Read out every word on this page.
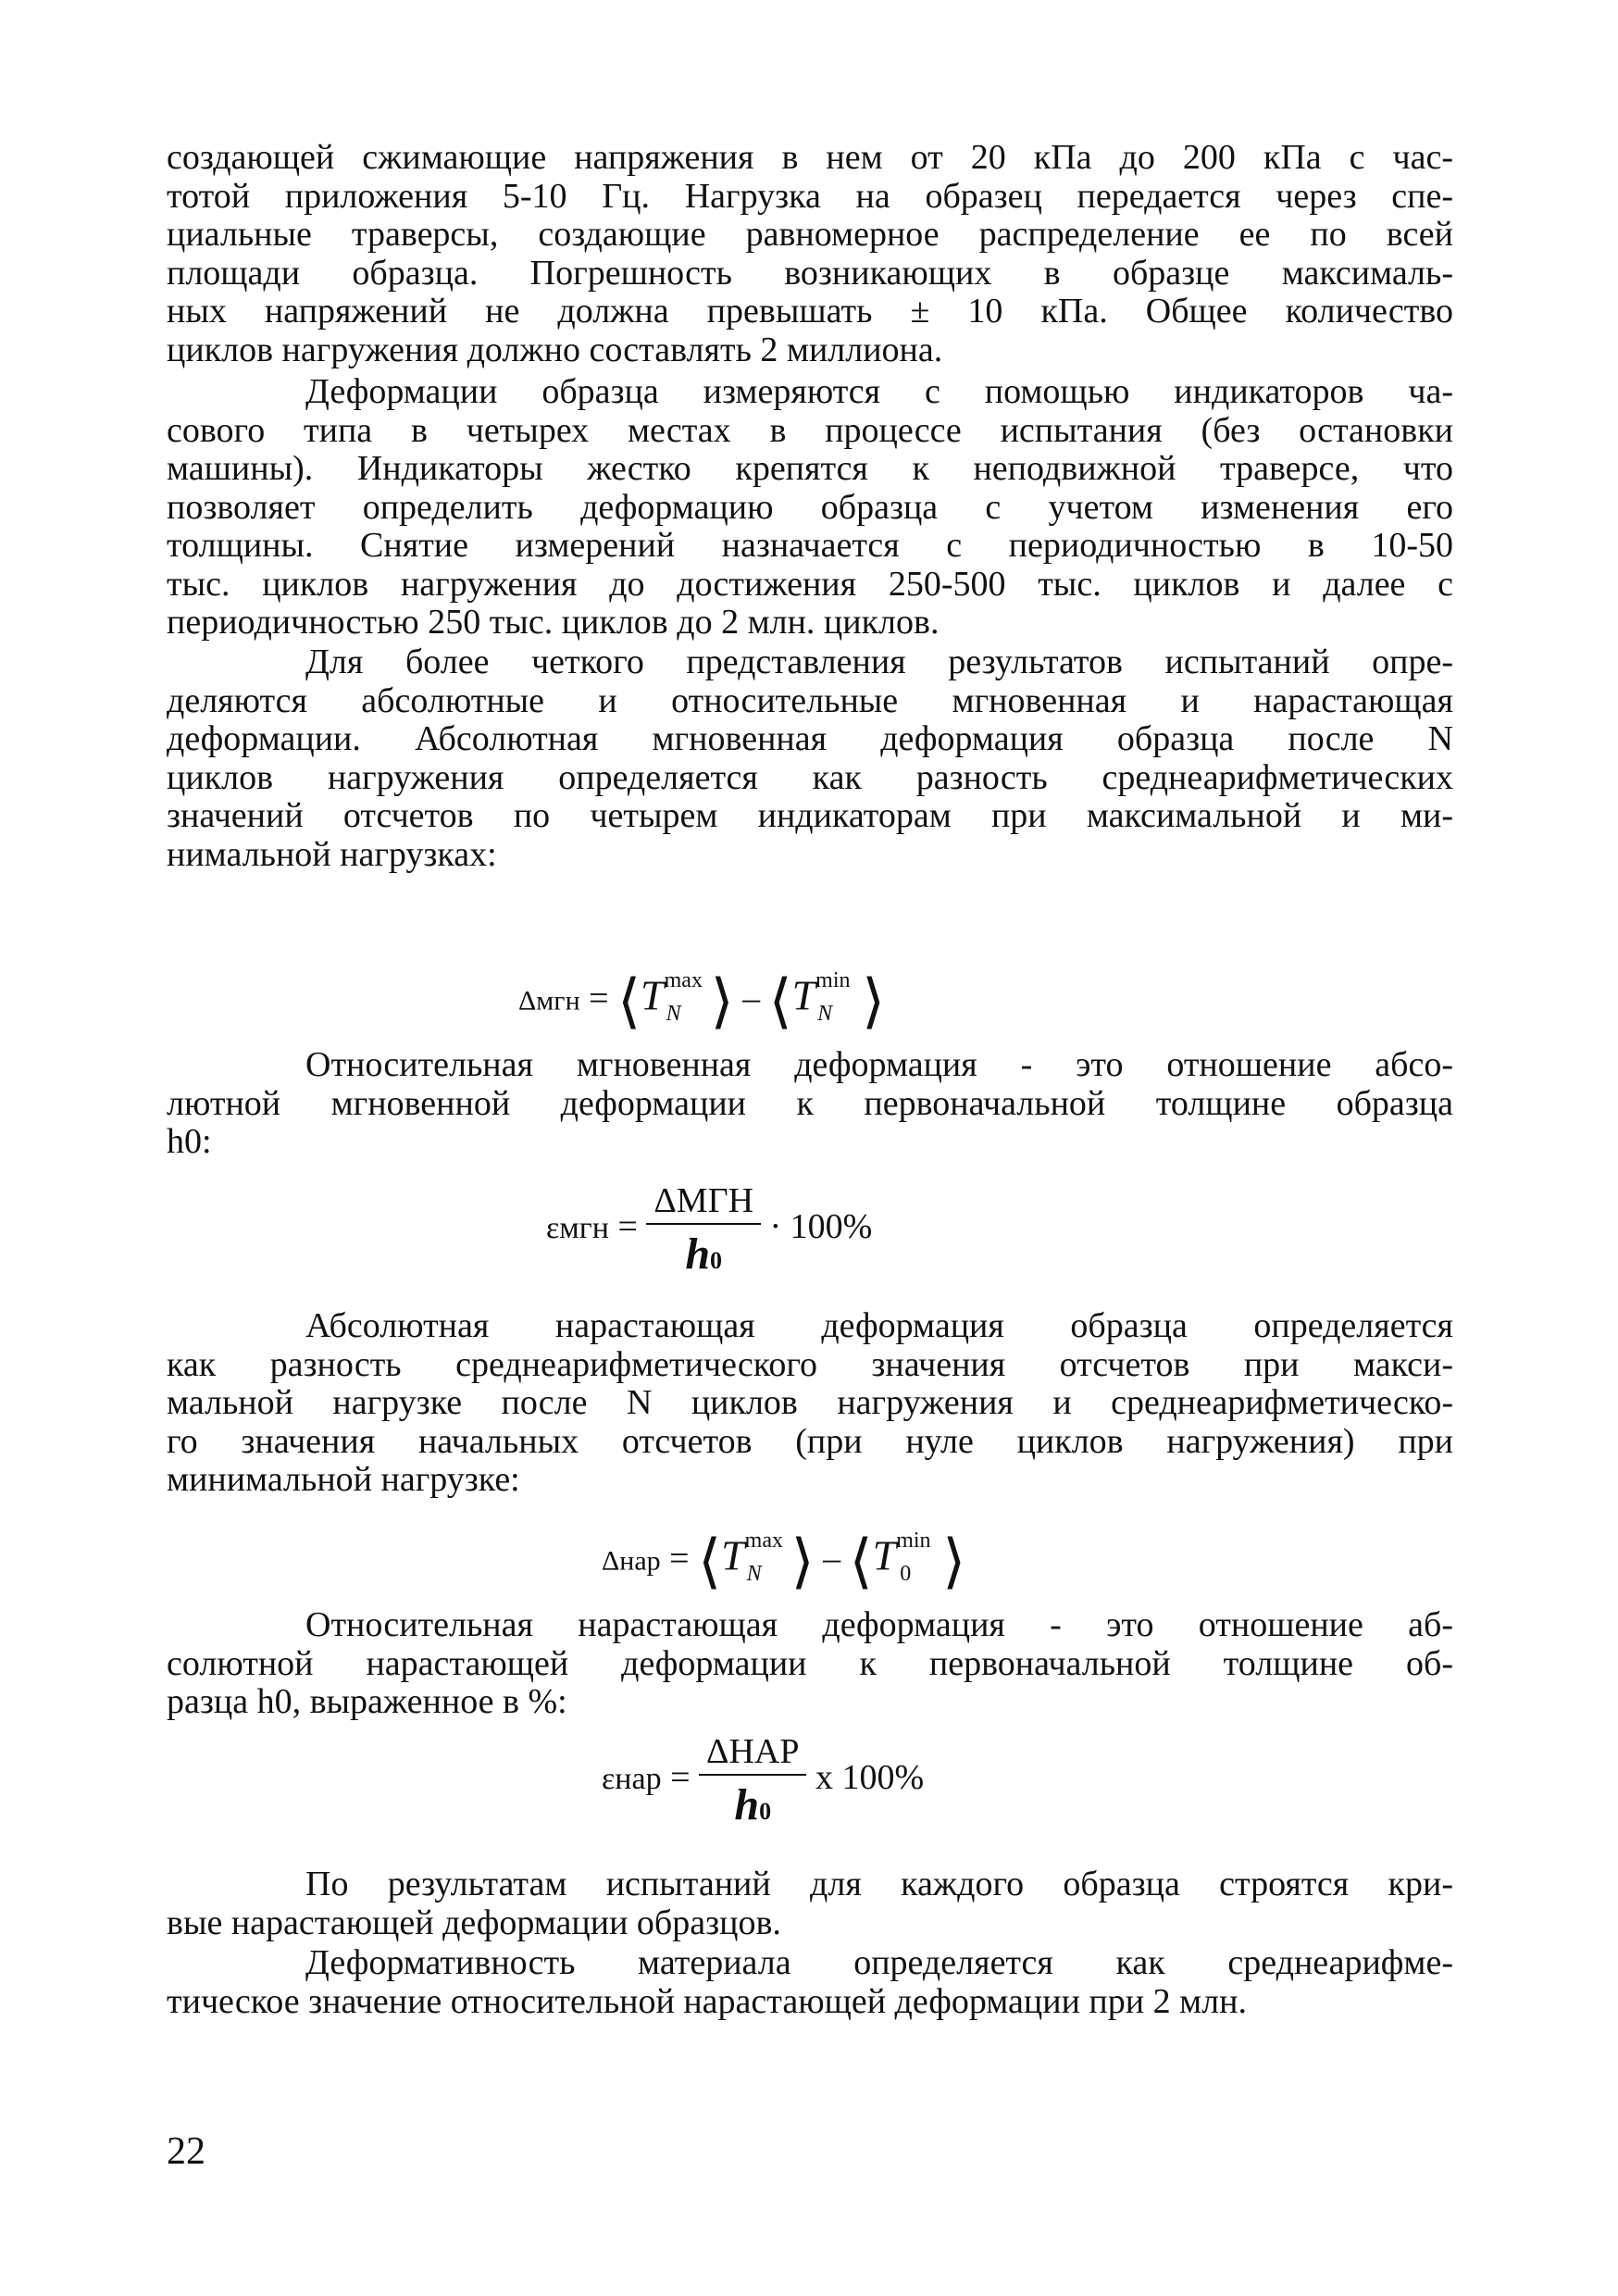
создающей сжимающие напряжения в нем от 20 кПа до 200 кПа с час-
тотой приложения 5-10 Гц. Нагрузка на образец передается через спе-
циальные траверсы, создающие равномерное распределение ее по всей
площади образца. Погрешность возникающих в образце максималь-
ных напряжений не должна превышать ± 10 кПа. Общее количество
циклов нагружения должно составлять 2 миллиона.
Деформации образца измеряются с помощью индикаторов ча-
сового типа в четырех местах в процессе испытания (без остановки
машины). Индикаторы жестко крепятся к неподвижной траверсе, что
позволяет определить деформацию образца с учетом изменения его
толщины. Снятие измерений назначается с периодичностью в 10-50
тыс. циклов нагружения до достижения 250-500 тыс. циклов и далее с
периодичностью 250 тыс. циклов до 2 млн. циклов.
Для более четкого представления результатов испытаний опре-
деляются абсолютные и относительные мгновенная и нарастающая
деформации. Абсолютная мгновенная деформация образца после N
циклов нагружения определяется как разность среднеарифметических
значений отсчетов по четырем индикаторам при максимальной и ми-
нимальной нагрузках:
Δмгн = ⟨T max
N ⟩ – ⟨T min
N ⟩
Относительная мгновенная деформация - это отношение абсо-
лютной мгновенной деформации к первоначальной толщине образца
h0:
$\varepsilon мгн = \frac{\text{ΔМГН}}{h0} \cdot 100\%$
Абсолютная нарастающая деформация образца определяется
как разность среднеарифметического значения отсчетов при макси-
мальной нагрузке после N циклов нагружения и среднеарифметическо-
го значения начальных отсчетов (при нуле циклов нагружения) при
минимальной нагрузке:
Δнар = ⟨T max
N ⟩ – ⟨T min
0 ⟩
Относительная нарастающая деформация - это отношение аб-
солютной нарастающей деформации к первоначальной толщине об-
разца h0, выраженное в %:
$\varepsilon нар = \frac{\text{ΔНАР}}{h0}$ х 100%
По результатам испытаний для каждого образца строятся кри-
вые нарастающей деформации образцов.
Деформативность материала определяется как среднеарифме-
тическое значение относительной нарастающей деформации при 2 млн.
22
